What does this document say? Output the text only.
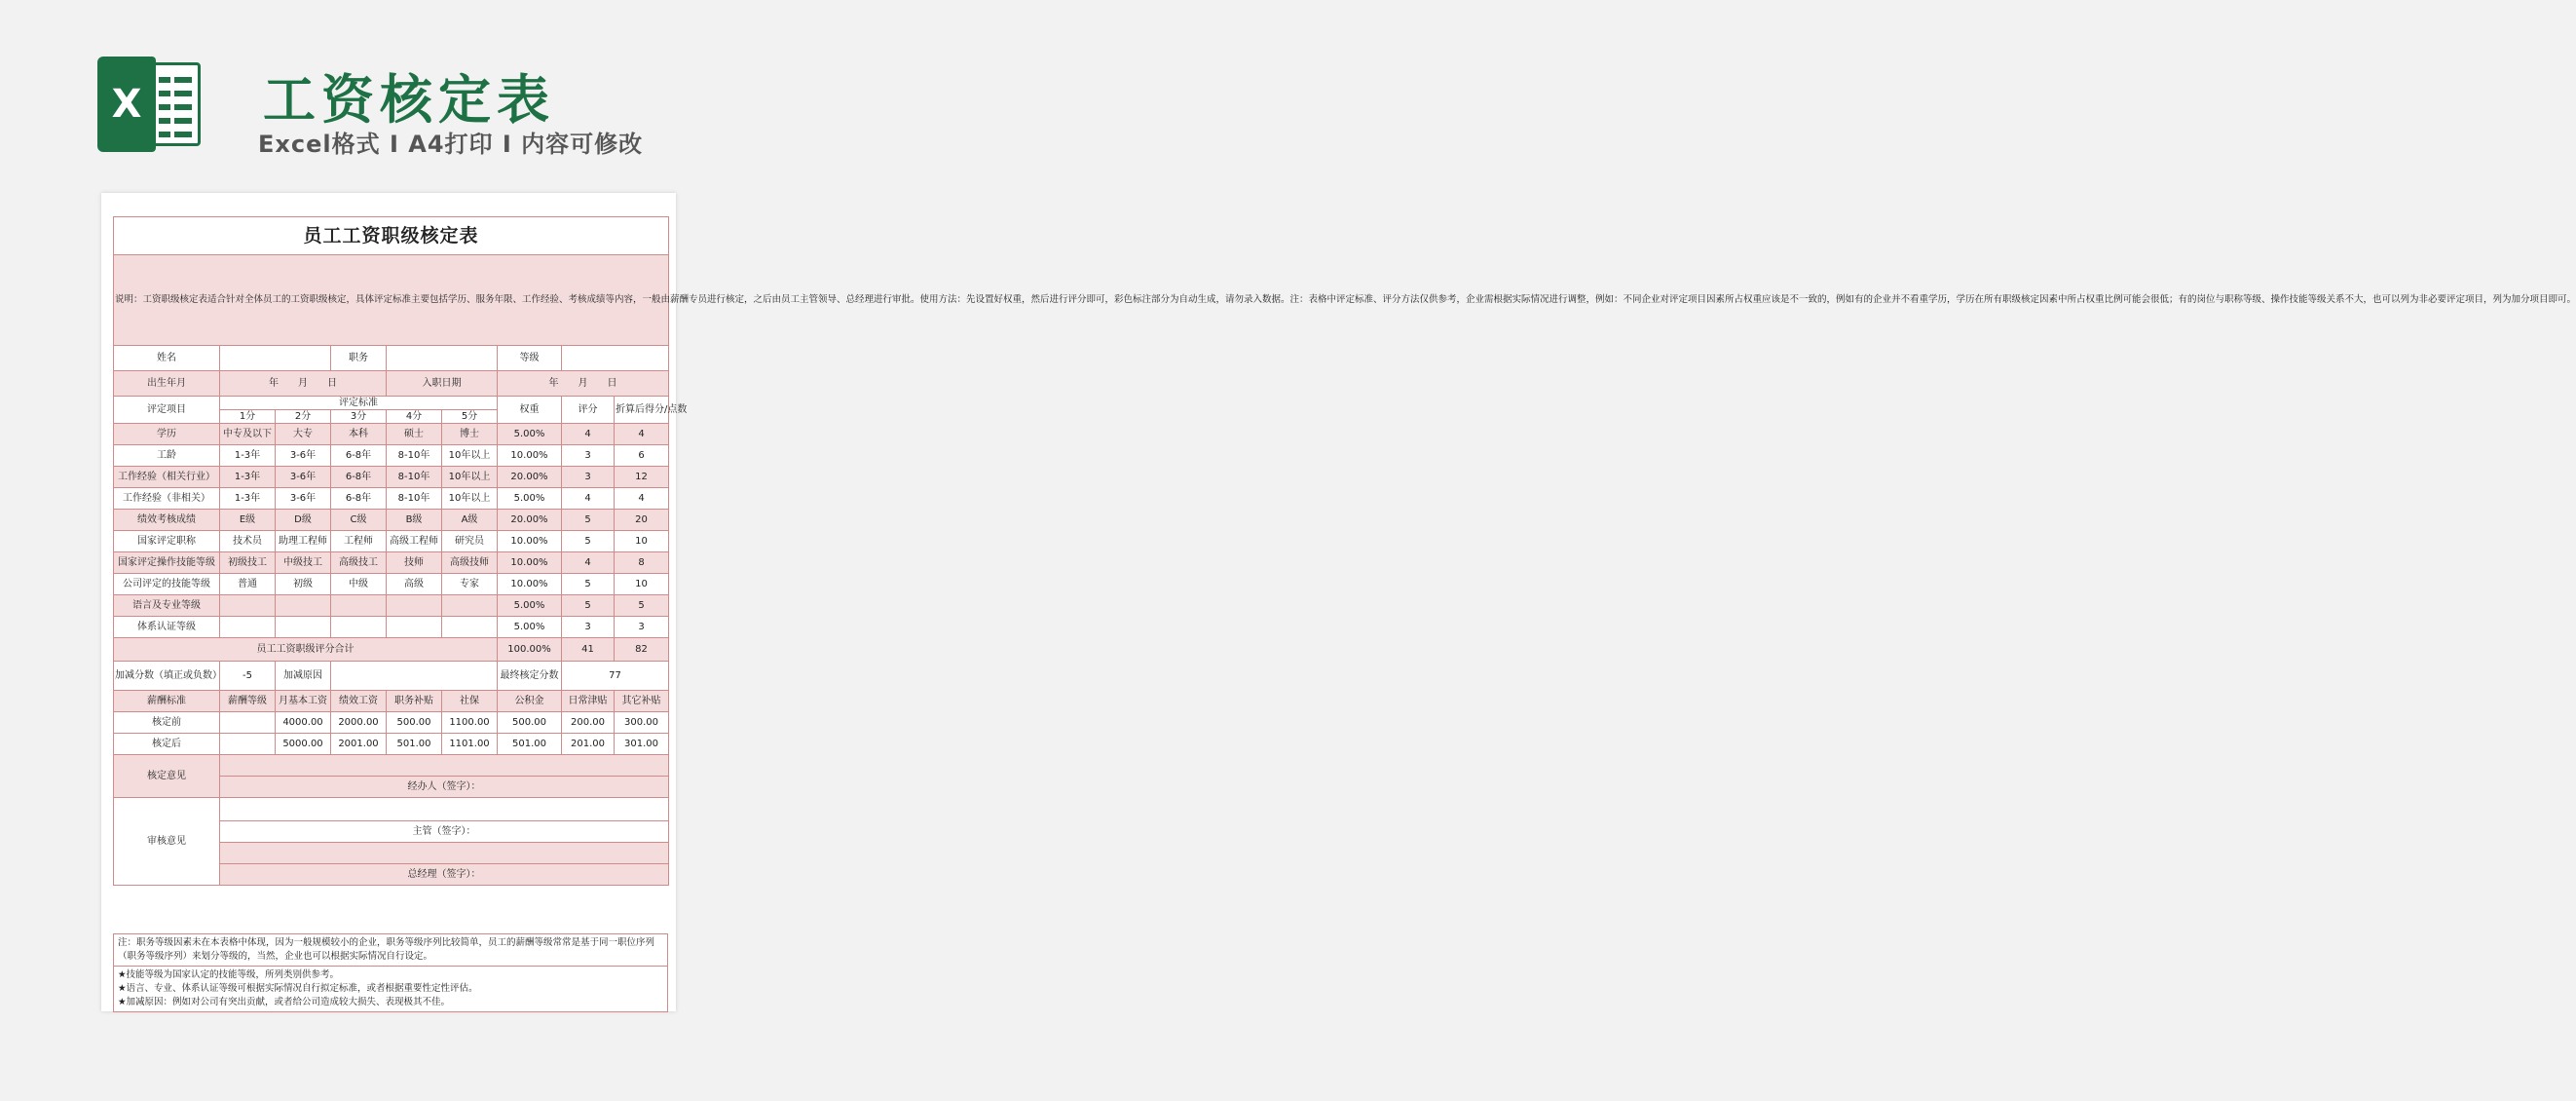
X 工资核定表

Excel格式 I A4打印 I 内容可修改

员工工资职级核定表								
说明：工资职级核定表适合针对全体员工的工资职级核定，具体评定标准主要包括学历、服务年限、工作经验、考核成绩等内容，一般由薪酬专员进行核定，之后由员工主管领导、总经理进行审批。使用方法：先设置好权重，然后进行评分即可，彩色标注部分为自动生成，请勿录入数据。注：表格中评定标准、评分方法仅供参考，企业需根据实际情况进行调整，例如：不同企业对评定项目因素所占权重应该是不一致的，例如有的企业并不看重学历，学历在所有职级核定因素中所占权重比例可能会很低；有的岗位与职称等级、操作技能等级关系不大，也可以列为非必要评定项目，列为加分项目即可。								
姓名			职务			等级		
出生年月	年　　月　　日			入职日期		年　　月　　日		
评定项目	评定标准					权重	评分	折算后得分/点数
	1分	2分	3分	4分	5分			
学历	中专及以下	大专	本科	硕士	博士	5.00%	4	4
工龄	1-3年	3-6年	6-8年	8-10年	10年以上	10.00%	3	6
工作经验（相关行业）	1-3年	3-6年	6-8年	8-10年	10年以上	20.00%	3	12
工作经验（非相关）	1-3年	3-6年	6-8年	8-10年	10年以上	5.00%	4	4
绩效考核成绩	E级	D级	C级	B级	A级	20.00%	5	20
国家评定职称	技术员	助理工程师	工程师	高级工程师	研究员	10.00%	5	10
国家评定操作技能等级	初级技工	中级技工	高级技工	技师	高级技师	10.00%	4	8
公司评定的技能等级	普通	初级	中级	高级	专家	10.00%	5	10
语言及专业等级						5.00%	5	5
体系认证等级						5.00%	3	3
员工工资职级评分合计						100.00%	41	82
加减分数（填正或负数）	-5	加减原因				最终核定分数	77	
薪酬标准	薪酬等级	月基本工资	绩效工资	职务补贴	社保	公积金	日常津贴	其它补贴
核定前		4000.00	2000.00	500.00	1100.00	500.00	200.00	300.00
核定后		5000.00	2001.00	501.00	1101.00	501.00	201.00	301.00
核定意见								
	经办人（签字）：							
审核意见								
	主管（签字）：							

	总经理（签字）：							
注：职务等级因素未在本表格中体现，因为一般规模较小的企业，职务等级序列比较简单，员工的薪酬等级常常是基于同一职位序列（职务等级序列）来划分等级的，当然，企业也可以根据实际情况自行设定。
★技能等级为国家认定的技能等级，所列类别供参考。
★语言、专业、体系认证等级可根据实际情况自行拟定标准，或者根据重要性定性评估。
★加减原因：例如对公司有突出贡献，或者给公司造成较大损失、表现极其不佳。
